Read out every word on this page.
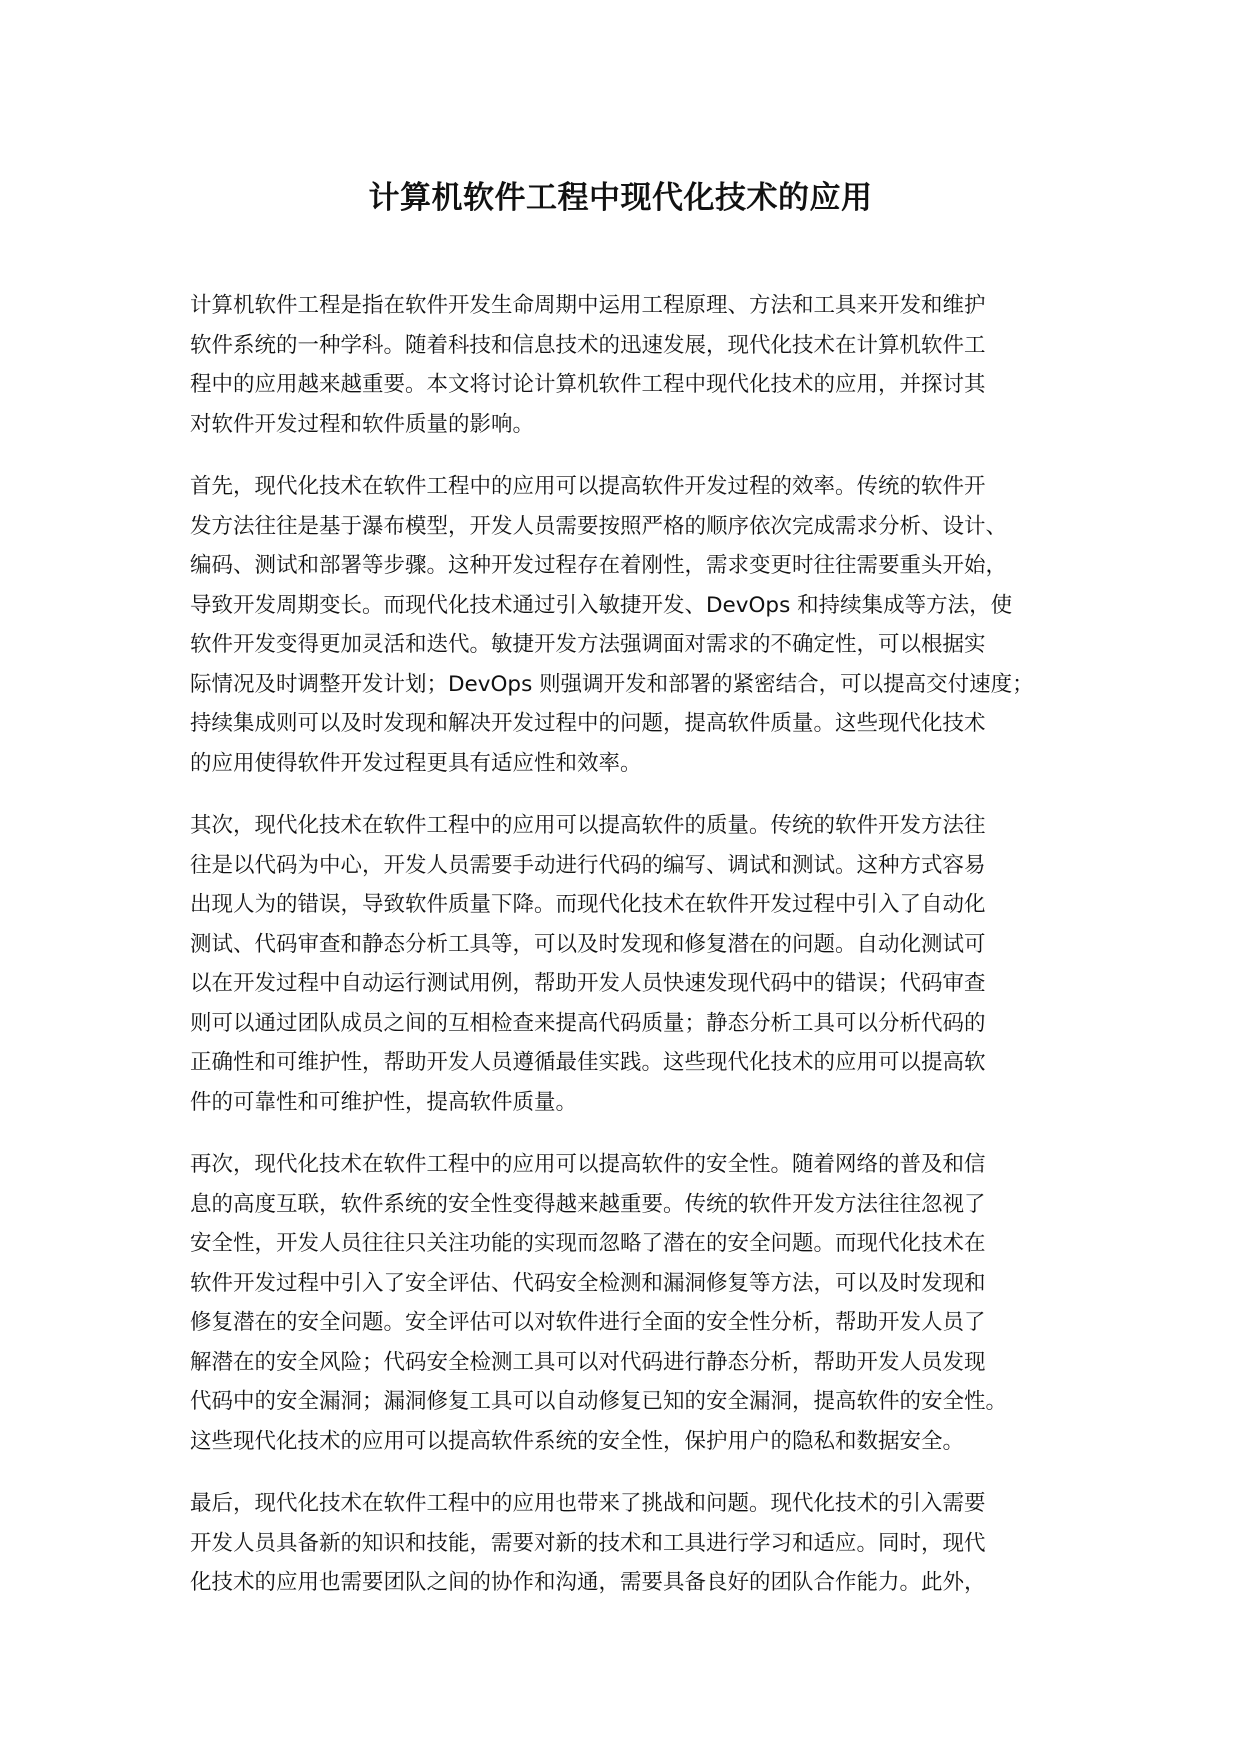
计算机软件工程中现代化技术的应用

计算机软件工程是指在软件开发生命周期中运用工程原理、方法和工具来开发和维护
软件系统的一种学科。随着科技和信息技术的迅速发展，现代化技术在计算机软件工
程中的应用越来越重要。本文将讨论计算机软件工程中现代化技术的应用，并探讨其
对软件开发过程和软件质量的影响。

首先，现代化技术在软件工程中的应用可以提高软件开发过程的效率。传统的软件开
发方法往往是基于瀑布模型，开发人员需要按照严格的顺序依次完成需求分析、设计、
编码、测试和部署等步骤。这种开发过程存在着刚性，需求变更时往往需要重头开始，
导致开发周期变长。而现代化技术通过引入敏捷开发、DevOps 和持续集成等方法，使
软件开发变得更加灵活和迭代。敏捷开发方法强调面对需求的不确定性，可以根据实
际情况及时调整开发计划；DevOps 则强调开发和部署的紧密结合，可以提高交付速度；
持续集成则可以及时发现和解决开发过程中的问题，提高软件质量。这些现代化技术
的应用使得软件开发过程更具有适应性和效率。

其次，现代化技术在软件工程中的应用可以提高软件的质量。传统的软件开发方法往
往是以代码为中心，开发人员需要手动进行代码的编写、调试和测试。这种方式容易
出现人为的错误，导致软件质量下降。而现代化技术在软件开发过程中引入了自动化
测试、代码审查和静态分析工具等，可以及时发现和修复潜在的问题。自动化测试可
以在开发过程中自动运行测试用例，帮助开发人员快速发现代码中的错误；代码审查
则可以通过团队成员之间的互相检查来提高代码质量；静态分析工具可以分析代码的
正确性和可维护性，帮助开发人员遵循最佳实践。这些现代化技术的应用可以提高软
件的可靠性和可维护性，提高软件质量。

再次，现代化技术在软件工程中的应用可以提高软件的安全性。随着网络的普及和信
息的高度互联，软件系统的安全性变得越来越重要。传统的软件开发方法往往忽视了
安全性，开发人员往往只关注功能的实现而忽略了潜在的安全问题。而现代化技术在
软件开发过程中引入了安全评估、代码安全检测和漏洞修复等方法，可以及时发现和
修复潜在的安全问题。安全评估可以对软件进行全面的安全性分析，帮助开发人员了
解潜在的安全风险；代码安全检测工具可以对代码进行静态分析，帮助开发人员发现
代码中的安全漏洞；漏洞修复工具可以自动修复已知的安全漏洞，提高软件的安全性。
这些现代化技术的应用可以提高软件系统的安全性，保护用户的隐私和数据安全。

最后，现代化技术在软件工程中的应用也带来了挑战和问题。现代化技术的引入需要
开发人员具备新的知识和技能，需要对新的技术和工具进行学习和适应。同时，现代
化技术的应用也需要团队之间的协作和沟通，需要具备良好的团队合作能力。此外，
